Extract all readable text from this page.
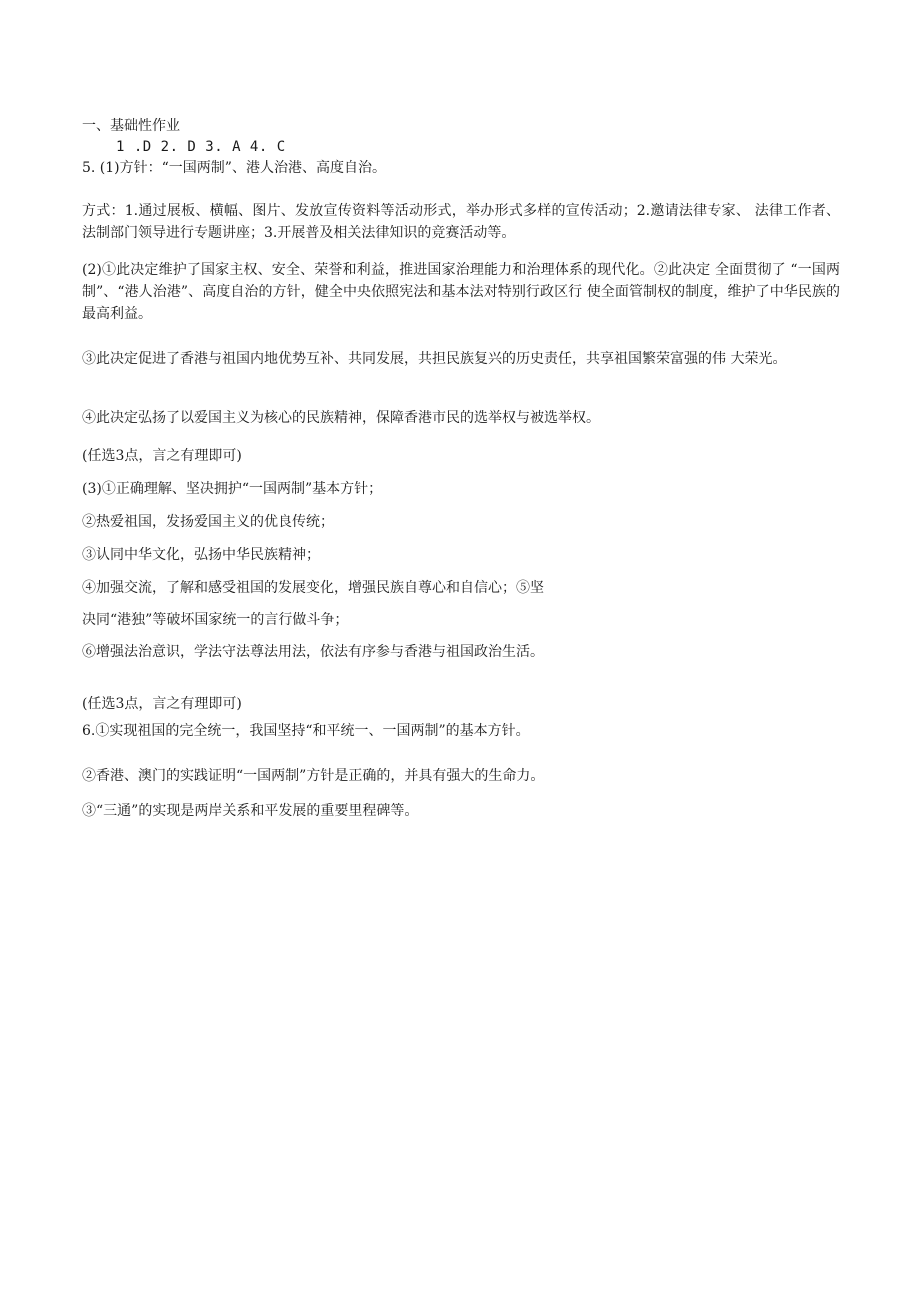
一、基础性作业
1 .D 2. D 3. A 4. C
5. (1)方针：“一国两制”、港人治港、高度自治。
方式：1.通过展板、横幅、图片、发放宣传资料等活动形式，举办形式多样的宣传活动；2.邀请法律专家、 法律工作者、法制部门领导进行专题讲座；3.开展普及相关法律知识的竞赛活动等。
(2)①此决定维护了国家主权、安全、荣誉和利益，推进国家治理能力和治理体系的现代化。②此决定 全面贯彻了 “一国两制”、“港人治港”、高度自治的方针，健全中央依照宪法和基本法对特别行政区行 使全面管制权的制度，维护了中华民族的最高利益。
③此决定促进了香港与祖国内地优势互补、共同发展，共担民族复兴的历史责任，共享祖国繁荣富强的伟 大荣光。
④此决定弘扬了以爱国主义为核心的民族精神，保障香港市民的选举权与被选举权。
(任选3点，言之有理即可)
(3)①正确理解、坚决拥护“一国两制”基本方针；
②热爱祖国，发扬爱国主义的优良传统；
③认同中华文化，弘扬中华民族精神；
④加强交流，了解和感受祖国的发展变化，增强民族自尊心和自信心；⑤坚
决同“港独”等破坏国家统一的言行做斗争；
⑥增强法治意识，学法守法尊法用法，依法有序参与香港与祖国政治生活。
(任选3点，言之有理即可)
6.①实现祖国的完全统一，我国坚持“和平统一、一国两制”的基本方针。
②香港、澳门的实践证明“一国两制”方针是正确的，并具有强大的生命力。
③“三通”的实现是两岸关系和平发展的重要里程碑等。
